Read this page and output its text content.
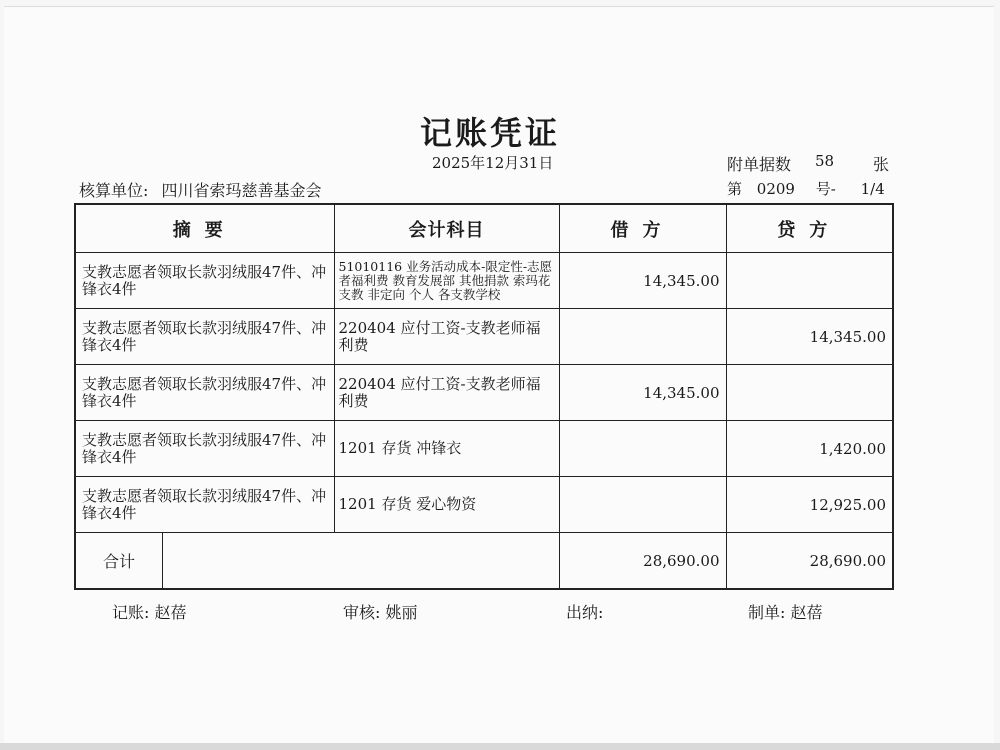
记账凭证
2025年12月31日	附单据数 58 张
核算单位: 四川省索玛慈善基金会	第 0209 号- 1/4
摘要	会计科目	借方	贷方
支教志愿者领取长款羽绒服47件、冲锋衣4件	51010116 业务活动成本-限定性-志愿者福利费 教育发展部 其他捐款 索玛花支教 非定向 个人 各支教学校	14,345.00	
支教志愿者领取长款羽绒服47件、冲锋衣4件	220404 应付工资-支教老师福利费		14,345.00
支教志愿者领取长款羽绒服47件、冲锋衣4件	220404 应付工资-支教老师福利费	14,345.00	
支教志愿者领取长款羽绒服47件、冲锋衣4件	1201 存货 冲锋衣		1,420.00
支教志愿者领取长款羽绒服47件、冲锋衣4件	1201 存货 爱心物资		12,925.00

合计		28,690.00	28,690.00
记账: 赵蓓	审核: 姚丽	出纳:	制单: 赵蓓
